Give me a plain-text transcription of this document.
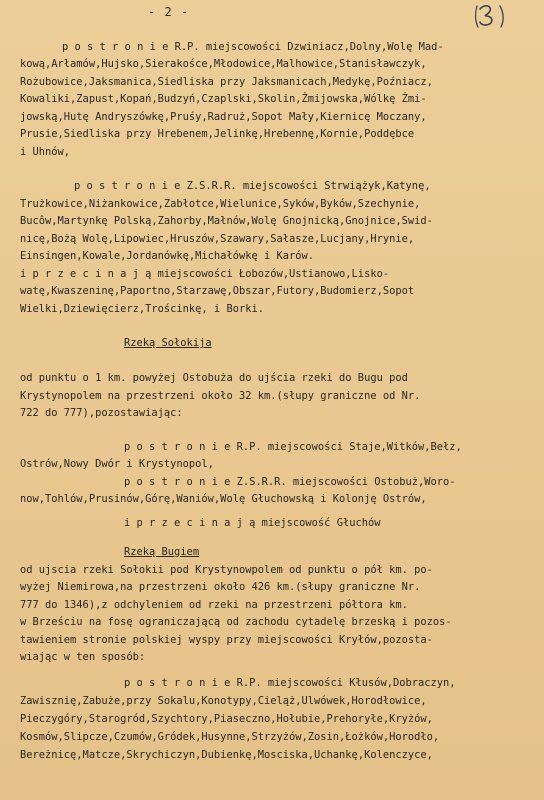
- 2 -
p o s t r o n i e R.P. miejscowości Dzwiniacz,Dolny,Wolę Mad-
kową,Arłamów,Hujsko,Sierakośce,Młodowice,Malhowice,Stanisławczyk,
Rożubowice,Jaksmanica,Siedliska przy Jaksmanicach,Medykę,Poźniacz,
Kowaliki,Zapust,Kopań,Budzyń,Czaplski,Skolin,Żmijowska,Wólkę Żmi-
jowską,Hutę Andryszówkę,Pruśy,Radruż,Sopot Mały,Kiernicę Moczany,
Prusie,Siedliska przy Hrebenem,Jelinkę,Hrebennę,Kornie,Poddębce
i Uhnów,
p o s t r o n i e Z.S.R.R. miejscowości Strwiążyk,Katynę,
Trużkowice,Niżankowice,Zabłotce,Wielunice,Syków,Byków,Szechynie,
Bucôw,Martynkę Polską,Zahorby,Małnów,Wolę Gnojnicką,Gnojnice,Swid-
nicę,Bożą Wolę,Lipowiec,Hruszów,Szawary,Sałasze,Lucjany,Hrynie,
Einsingen,Kowale,Jordanówkę,Michałówkę i Karów.
i p r z e c i n a j ą miejscowości Łobozów,Ustianowo,Lisko-
watę,Kwaszeninę,Paportno,Starzawę,Obszar,Futory,Budomierz,Sopot
Wielki,Dziewięcierz,Trościnkę, i Borki.
Rzeką Sołokija
od punktu o 1 km. powyżej Ostobuża do ujścia rzeki do Bugu pod
Krystynopolem na przestrzeni około 32 km.(słupy graniczne od Nr.
722 do 777),pozostawiając:
p o s t r o n i e R.P. miejscowości Staje,Witków,Bełz,
Ostrów,Nowy Dwór i Krystynopol,
p o s t r o n i e Z.S.R.R. miejscowości Ostobuż,Woro-
now,Tohlów,Prusinów,Górę,Waniów,Wolę Głuchowską i Kolonję Ostrów,
i p r z e c i n a j ą miejscowość Głuchów
Rzeką Bugiem
od ujscia rzeki Sołokii pod Krystynowpolem od punktu o pół km. po-
wyżej Niemirowa,na przestrzeni około 426 km.(słupy graniczne Nr.
777 do 1346),z odchyleniem od rzeki na przestrzeni półtora km.
w Brześciu na fosę ograniczającą od zachodu cytadelę brzeską i pozos-
tawieniem stronie polskiej wyspy przy miejscowości Kryłów,pozosta-
wiając w ten sposób:
p o s t r o n i e R.P. miejscowości Kłusów,Dobraczyn,
Zawisznię,Zabuże,przy Sokalu,Konotypy,Cieląż,Ulwówek,Horodłowice,
Pieczygóry,Starogród,Szychtory,Piaseczno,Hołubie,Prehoryłe,Kryżów,
Kosmów,Slipcze,Czumów,Gródek,Husynne,Strzyżów,Zosin,Łożków,Horodło,
Bereżnicę,Matcze,Skrychiczyn,Dubienkę,Mosciska,Uchankę,Kolenczyce,
